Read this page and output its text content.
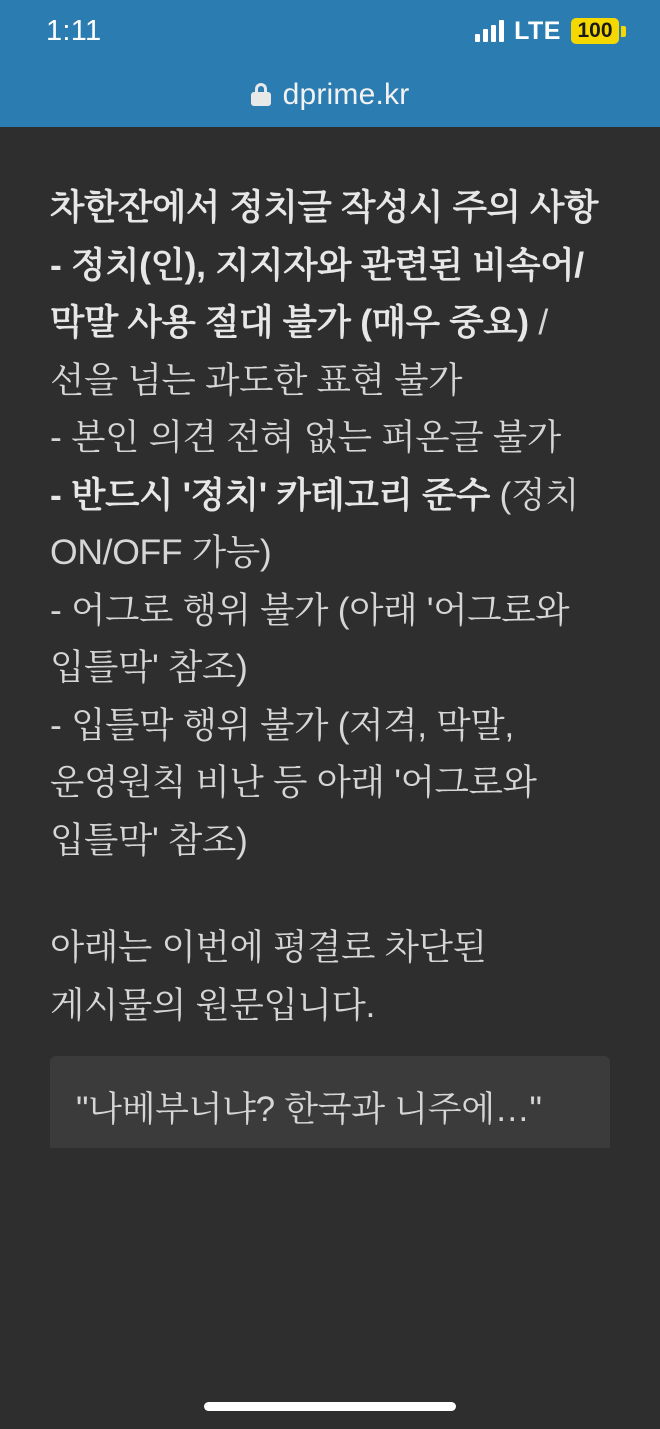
1:11	LTE 100
dprime.kr

차한잔에서 정치글 작성시 주의 사항

- 정치(인), 지지자와 관련된 비속어/막말 사용 절대 불가 (매우 중요) / 선을 넘는 과도한 표현 불가

- 본인 의견 전혀 없는 퍼온글 불가

- 반드시 '정치' 카테고리 준수 (정치 ON/OFF 가능)

- 어그로 행위 불가 (아래 '어그로와 입틀막' 참조)

- 입틀막 행위 불가 (저격, 막말, 운영원칙 비난 등 아래 '어그로와 입틀막' 참조)

아래는 이번에 평결로 차단된 게시물의 원문입니다.

"나베부너냐? 한국과 니주에…"
